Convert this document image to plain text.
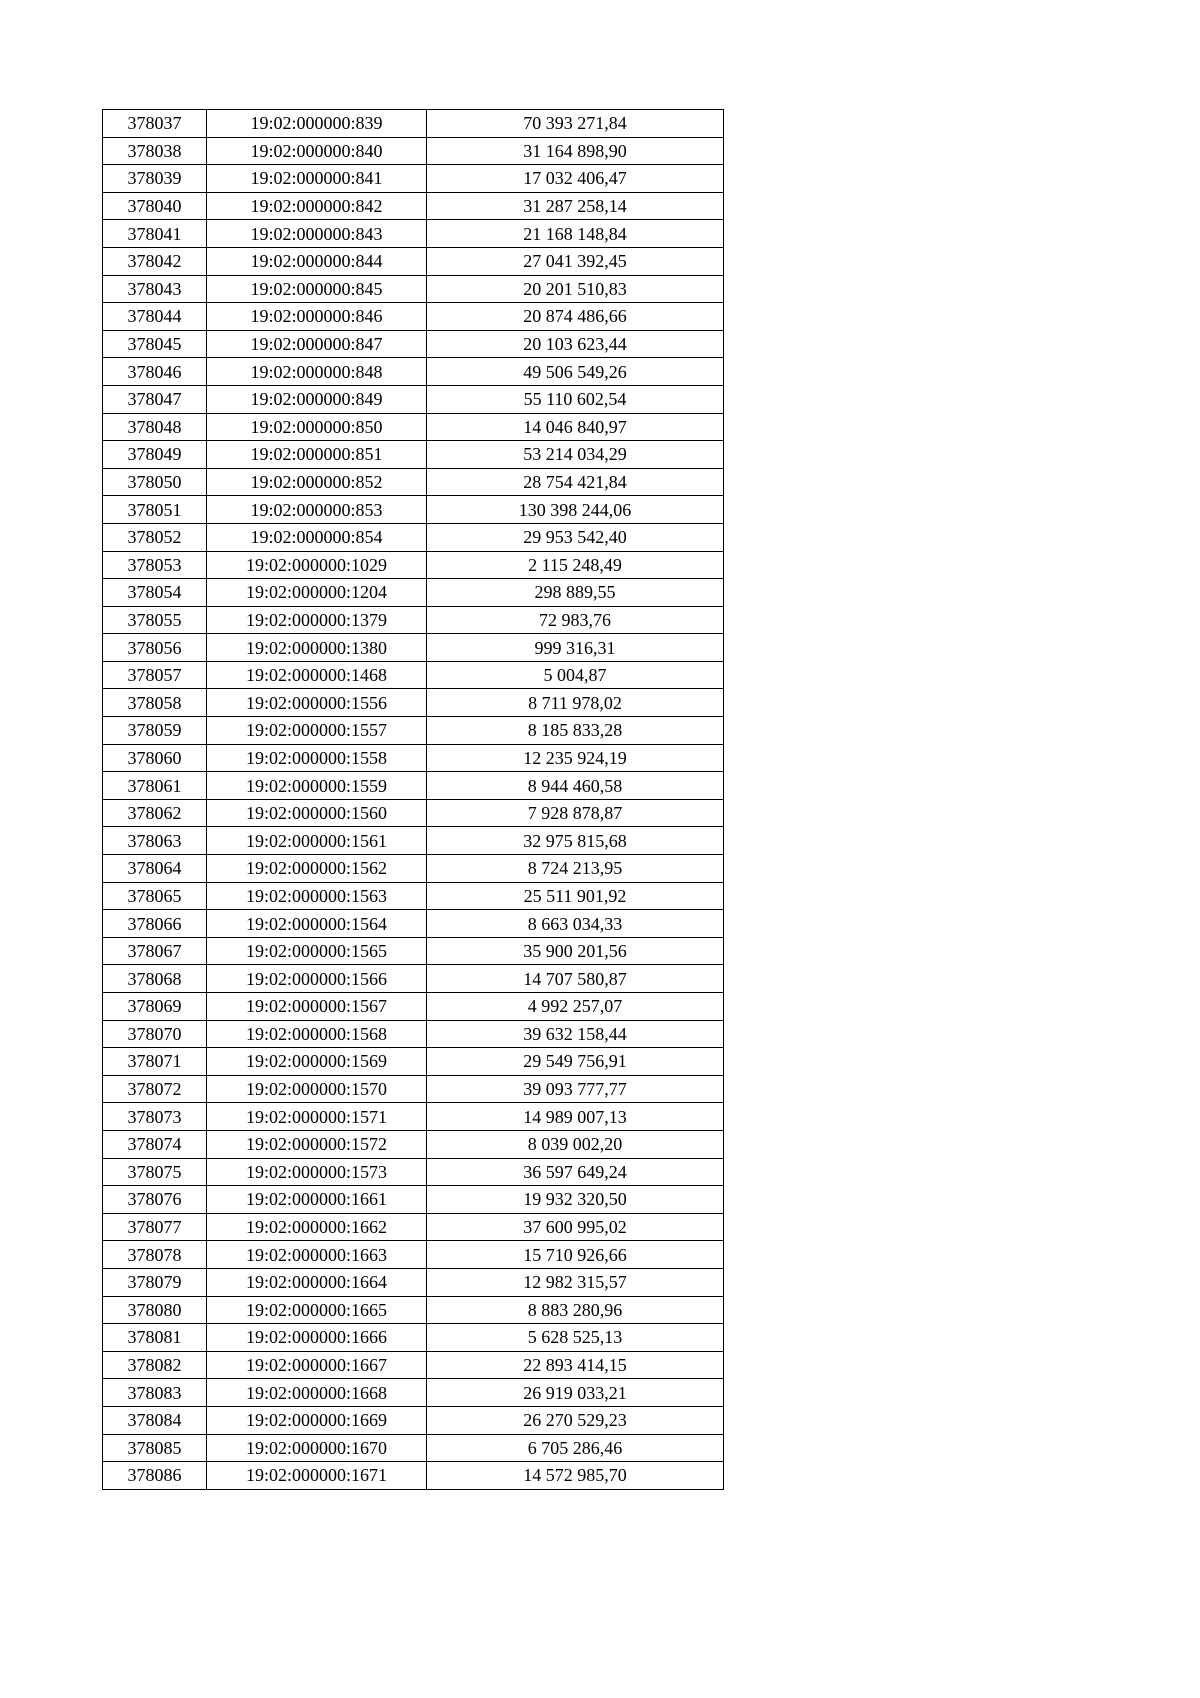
378037	19:02:000000:839	70 393 271,84
378038	19:02:000000:840	31 164 898,90
378039	19:02:000000:841	17 032 406,47
378040	19:02:000000:842	31 287 258,14
378041	19:02:000000:843	21 168 148,84
378042	19:02:000000:844	27 041 392,45
378043	19:02:000000:845	20 201 510,83
378044	19:02:000000:846	20 874 486,66
378045	19:02:000000:847	20 103 623,44
378046	19:02:000000:848	49 506 549,26
378047	19:02:000000:849	55 110 602,54
378048	19:02:000000:850	14 046 840,97
378049	19:02:000000:851	53 214 034,29
378050	19:02:000000:852	28 754 421,84
378051	19:02:000000:853	130 398 244,06
378052	19:02:000000:854	29 953 542,40
378053	19:02:000000:1029	2 115 248,49
378054	19:02:000000:1204	298 889,55
378055	19:02:000000:1379	72 983,76
378056	19:02:000000:1380	999 316,31
378057	19:02:000000:1468	5 004,87
378058	19:02:000000:1556	8 711 978,02
378059	19:02:000000:1557	8 185 833,28
378060	19:02:000000:1558	12 235 924,19
378061	19:02:000000:1559	8 944 460,58
378062	19:02:000000:1560	7 928 878,87
378063	19:02:000000:1561	32 975 815,68
378064	19:02:000000:1562	8 724 213,95
378065	19:02:000000:1563	25 511 901,92
378066	19:02:000000:1564	8 663 034,33
378067	19:02:000000:1565	35 900 201,56
378068	19:02:000000:1566	14 707 580,87
378069	19:02:000000:1567	4 992 257,07
378070	19:02:000000:1568	39 632 158,44
378071	19:02:000000:1569	29 549 756,91
378072	19:02:000000:1570	39 093 777,77
378073	19:02:000000:1571	14 989 007,13
378074	19:02:000000:1572	8 039 002,20
378075	19:02:000000:1573	36 597 649,24
378076	19:02:000000:1661	19 932 320,50
378077	19:02:000000:1662	37 600 995,02
378078	19:02:000000:1663	15 710 926,66
378079	19:02:000000:1664	12 982 315,57
378080	19:02:000000:1665	8 883 280,96
378081	19:02:000000:1666	5 628 525,13
378082	19:02:000000:1667	22 893 414,15
378083	19:02:000000:1668	26 919 033,21
378084	19:02:000000:1669	26 270 529,23
378085	19:02:000000:1670	6 705 286,46
378086	19:02:000000:1671	14 572 985,70
